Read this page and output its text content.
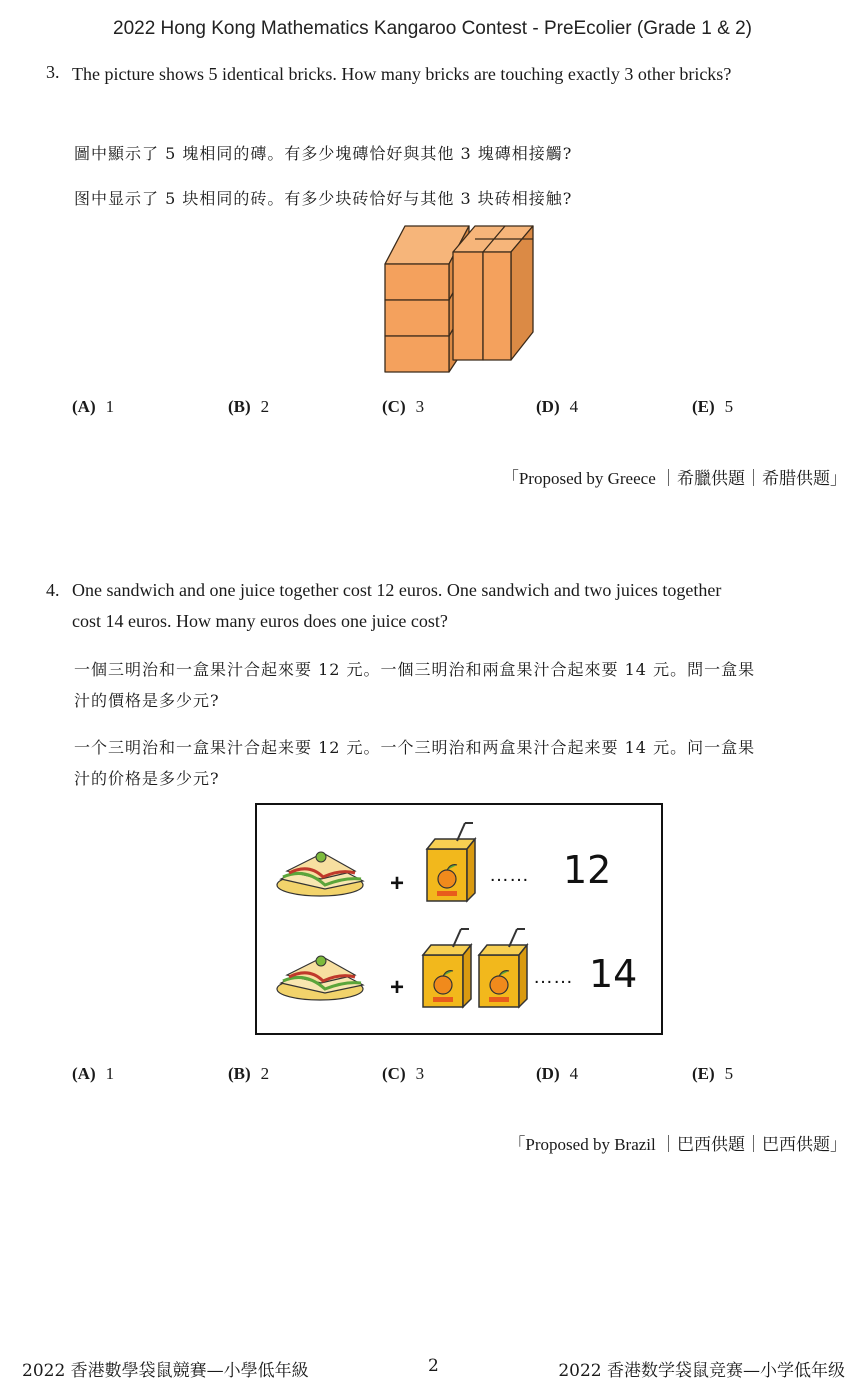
2022 Hong Kong Mathematics Kangaroo Contest - PreEcolier (Grade 1 & 2)
3. The picture shows 5 identical bricks. How many bricks are touching exactly 3 other bricks?
圖中顯示了 5 塊相同的磚。有多少塊磚恰好與其他 3 塊磚相接觸?
图中显示了 5 块相同的砖。有多少块砖恰好与其他 3 块砖相接触?
(A) 1	(B) 2	(C) 3	(D) 4	(E) 5
「Proposed by Greece ｜希臘供題｜希腊供题」
4. One sandwich and one juice together cost 12 euros. One sandwich and two juices together
cost 14 euros. How many euros does one juice cost?
一個三明治和一盒果汁合起來要 12 元。一個三明治和兩盒果汁合起來要 14 元。問一盒果
汁的價格是多少元?
一个三明治和一盒果汁合起来要 12 元。一个三明治和两盒果汁合起来要 14 元。问一盒果
汁的价格是多少元?
+	…… 12
+	…… 14
(A) 1	(B) 2	(C) 3	(D) 4	(E) 5
「Proposed by Brazil ｜巴西供題｜巴西供题」
2022 香港數學袋鼠競賽—小學低年級	2	2022 香港数学袋鼠竞赛—小学低年级
